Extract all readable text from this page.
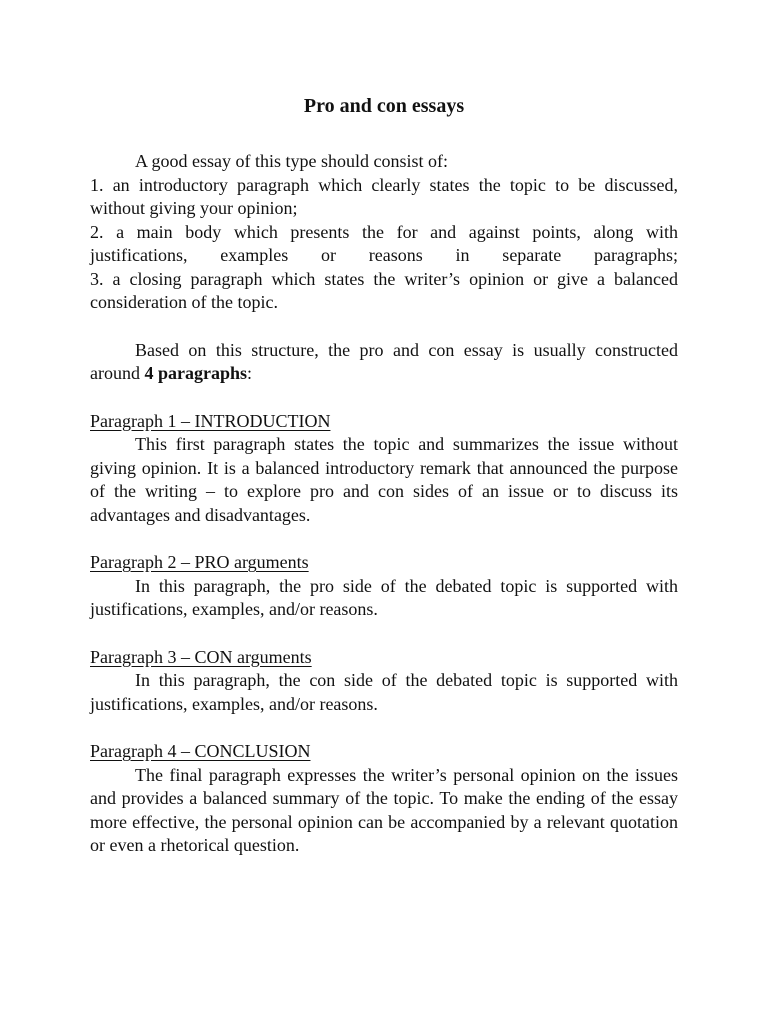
Pro and con essays

A good essay of this type should consist of:

1. an introductory paragraph which clearly states the topic to be discussed, without giving your opinion;

2. a main body which presents the for and against points, along with justifications, examples or reasons in separate paragraphs;

3. a closing paragraph which states the writer’s opinion or give a balanced consideration of the topic.

Based on this structure, the pro and con essay is usually constructed around 4 paragraphs:

Paragraph 1 – INTRODUCTION

This first paragraph states the topic and summarizes the issue without giving opinion. It is a balanced introductory remark that announced the purpose of the writing – to explore pro and con sides of an issue or to discuss its advantages and disadvantages.

Paragraph 2 – PRO arguments

In this paragraph, the pro side of the debated topic is supported with justifications, examples, and/or reasons.

Paragraph 3 – CON arguments

In this paragraph, the con side of the debated topic is supported with justifications, examples, and/or reasons.

Paragraph 4 – CONCLUSION

The final paragraph expresses the writer’s personal opinion on the issues and provides a balanced summary of the topic. To make the ending of the essay more effective, the personal opinion can be accompanied by a relevant quotation or even a rhetorical question.
